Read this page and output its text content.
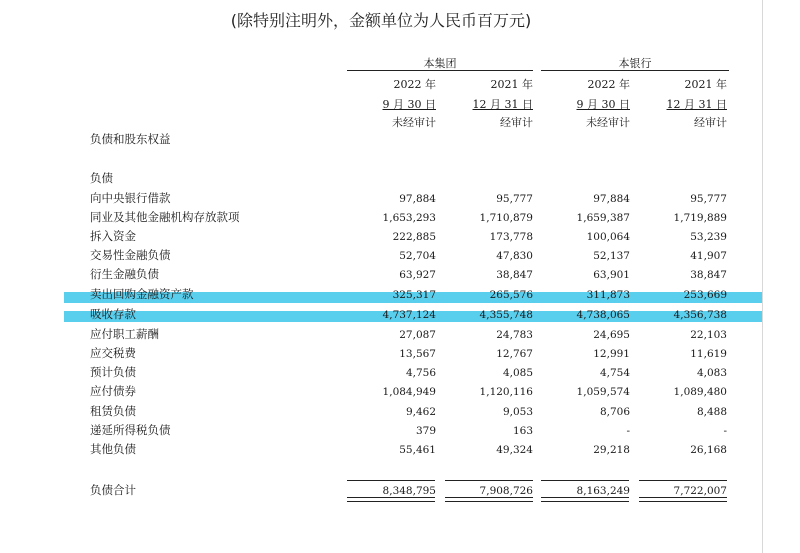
(除特别注明外，金额单位为人民币百万元)
本集团	本银行
2022 年	2021 年	2022 年	2021 年
9 月 30 日	12 月 31 日	9 月 30 日	12 月 31 日
未经审计	经审计	未经审计	经审计
负债和股东权益
负债
向中央银行借款	97,884	95,777	97,884	95,777
同业及其他金融机构存放款项	1,653,293	1,710,879	1,659,387	1,719,889
拆入资金	222,885	173,778	100,064	53,239
交易性金融负债	52,704	47,830	52,137	41,907
衍生金融负债	63,927	38,847	63,901	38,847
卖出回购金融资产款	325,317	265,576	311,873	253,669
吸收存款	4,737,124	4,355,748	4,738,065	4,356,738
应付职工薪酬	27,087	24,783	24,695	22,103
应交税费	13,567	12,767	12,991	11,619
预计负债	4,756	4,085	4,754	4,083
应付债券	1,084,949	1,120,116	1,059,574	1,089,480
租赁负债	9,462	9,053	8,706	8,488
递延所得税负债	379	163	-	-
其他负债	55,461	49,324	29,218	26,168
负债合计	8,348,795	7,908,726	8,163,249	7,722,007
